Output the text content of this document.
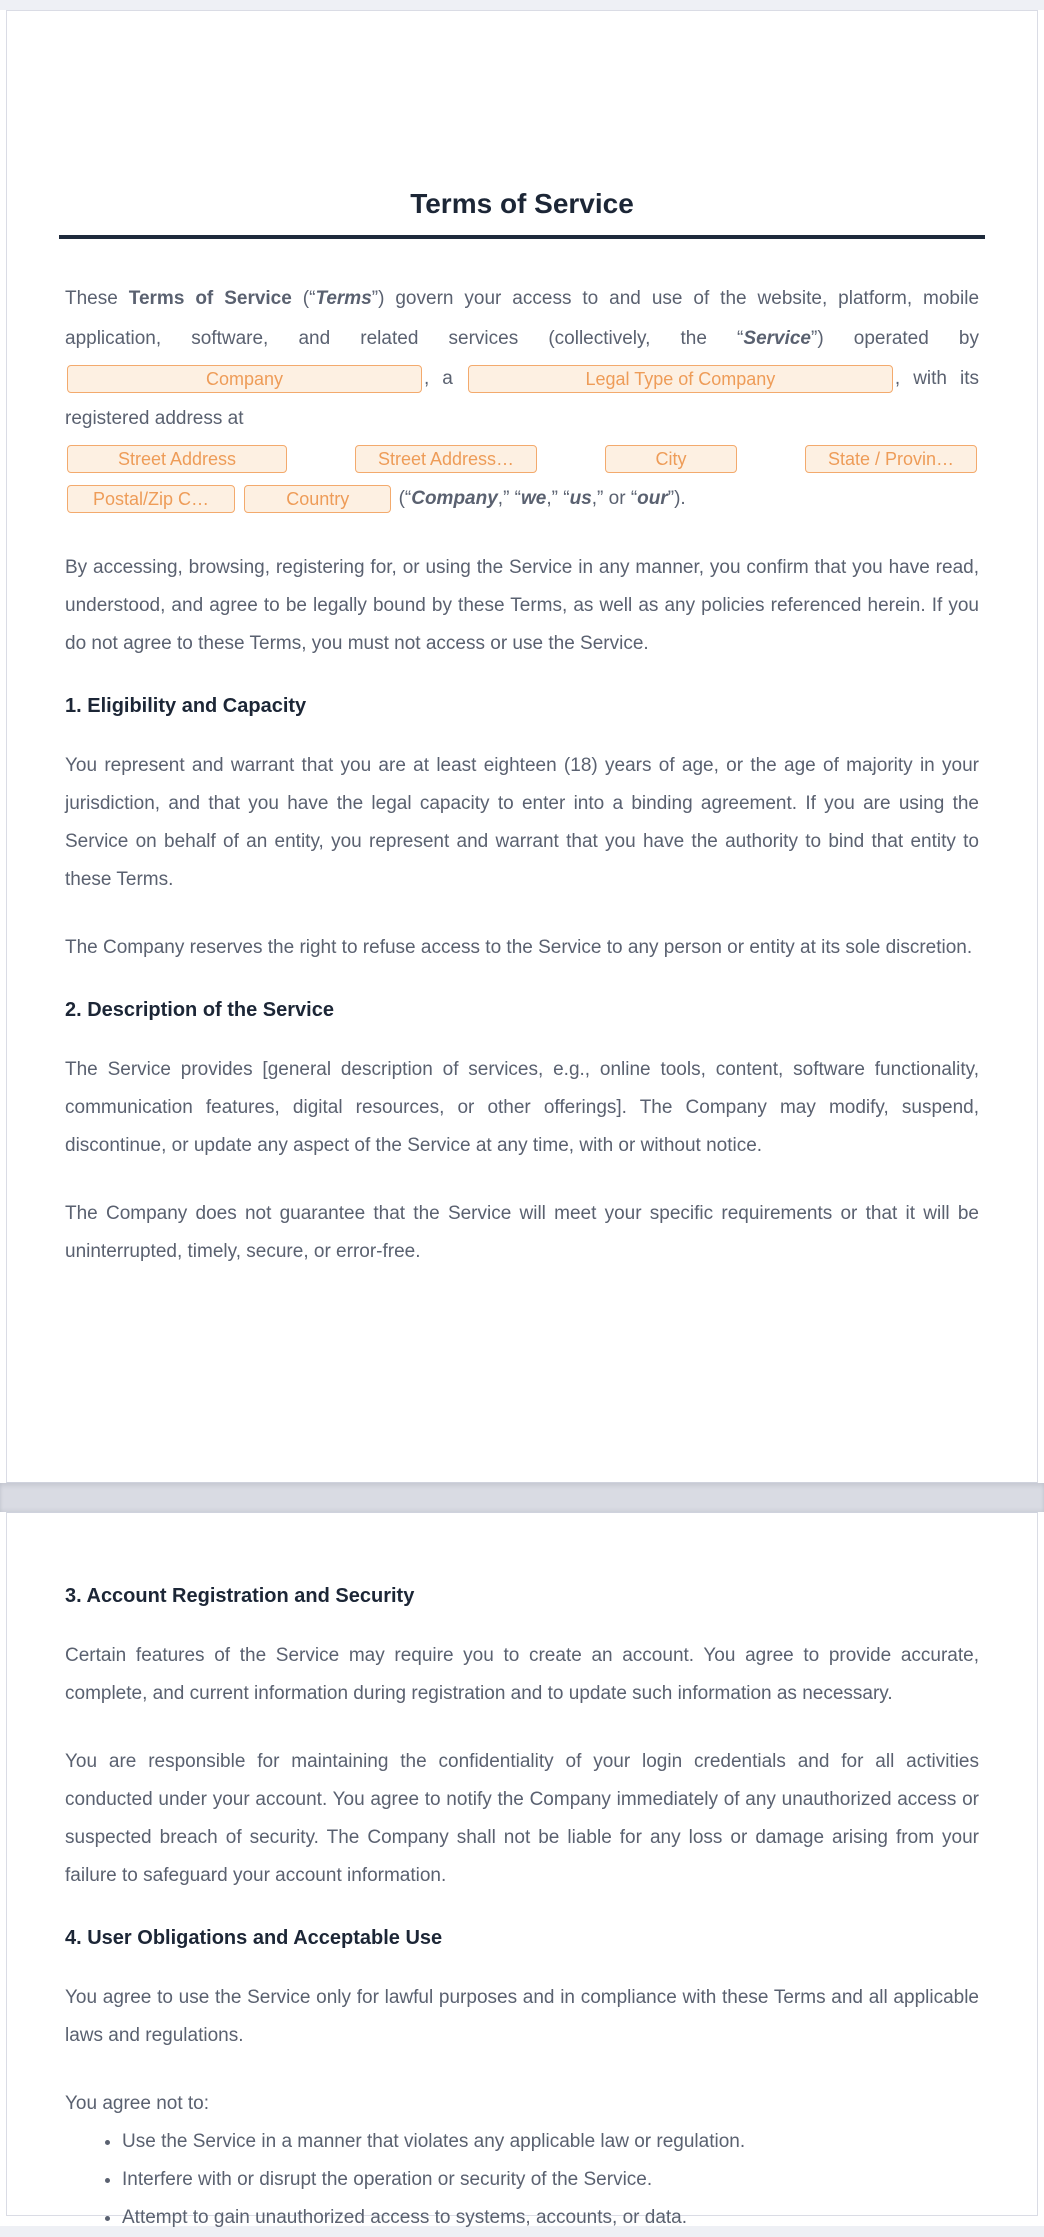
Terms of Service

These Terms of Service (“Terms”) govern your access to and use of the website, platform, mobile application, software, and related services (collectively, the “Service”) operated by Company	, a	Legal Type of Company	, with its registered address at
Street Address	Street Address…	City	State / Provin… Postal/Zip C…	Country	(“Company,” “we,” “us,” or “our”).

By accessing, browsing, registering for, or using the Service in any manner, you confirm that you have read, understood, and agree to be legally bound by these Terms, as well as any policies referenced herein. If you do not agree to these Terms, you must not access or use the Service.

1. Eligibility and Capacity

You represent and warrant that you are at least eighteen (18) years of age, or the age of majority in your jurisdiction, and that you have the legal capacity to enter into a binding agreement. If you are using the Service on behalf of an entity, you represent and warrant that you have the authority to bind that entity to these Terms.

The Company reserves the right to refuse access to the Service to any person or entity at its sole discretion.

2. Description of the Service

The Service provides [general description of services, e.g., online tools, content, software functionality, communication features, digital resources, or other offerings]. The Company may modify, suspend, discontinue, or update any aspect of the Service at any time, with or without notice.

The Company does not guarantee that the Service will meet your specific requirements or that it will be uninterrupted, timely, secure, or error-free.

3. Account Registration and Security

Certain features of the Service may require you to create an account. You agree to provide accurate, complete, and current information during registration and to update such information as necessary.

You are responsible for maintaining the confidentiality of your login credentials and for all activities conducted under your account. You agree to notify the Company immediately of any unauthorized access or suspected breach of security. The Company shall not be liable for any loss or damage arising from your failure to safeguard your account information.

4. User Obligations and Acceptable Use

You agree to use the Service only for lawful purposes and in compliance with these Terms and all applicable laws and regulations.

You agree not to:

• Use the Service in a manner that violates any applicable law or regulation.
• Interfere with or disrupt the operation or security of the Service.
• Attempt to gain unauthorized access to systems, accounts, or data.
